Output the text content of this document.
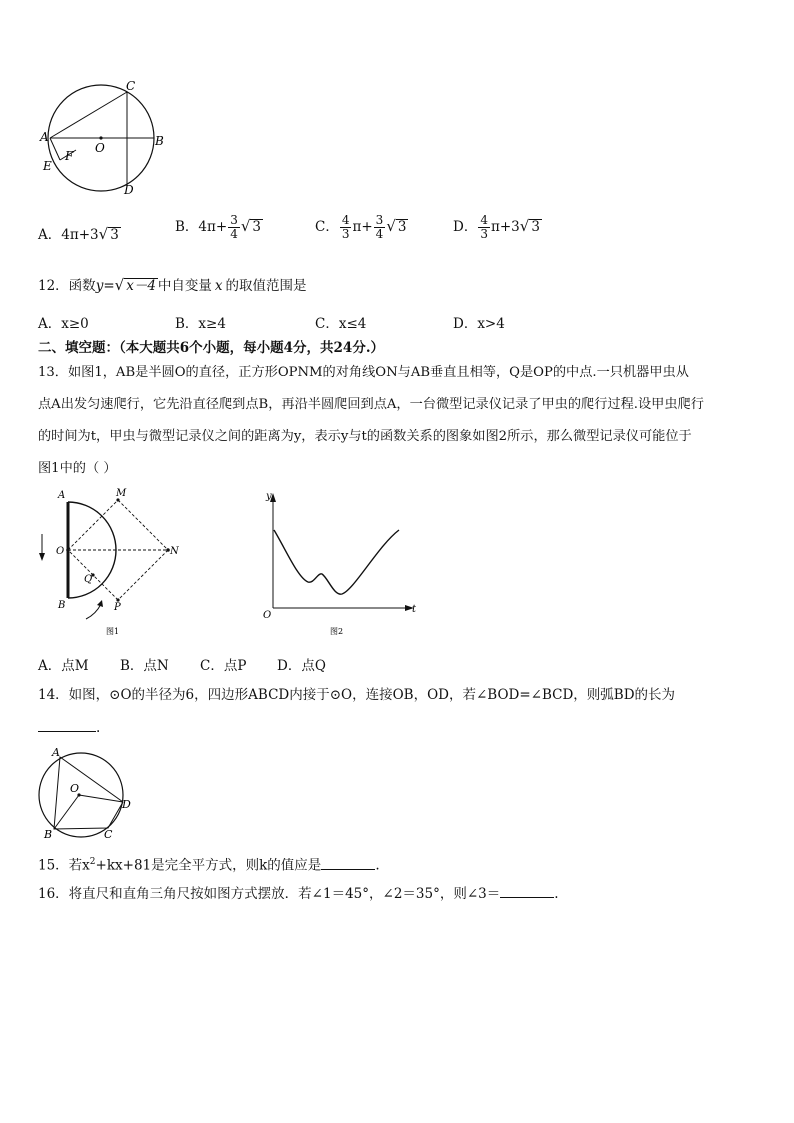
C
A
O	B
F
E
D
A．4π+3√ 3	B．$4\pi+ \frac{3}{4}$ √ 3	C． $\frac{4}{3} \pi+ \frac{3}{4}$ √ 3	D． $\frac{4}{3} \pi+3√$ 3
12．函数y=√ x－4 中自变量 x 的取值范围是
A．x≥0	B．x≥4	C．x≤4	D．x>4
二、填空题：（本大题共6个小题，每小题4分，共24分.）
13．如图1，AB是半圆O的直径，正方形OPNM的对角线ON与AB垂直且相等，Q是OP的中点.一只机器甲虫从
点A出发匀速爬行，它先沿直径爬到点B，再沿半圆爬回到点A，一台微型记录仪记录了甲虫的爬行过程.设甲虫爬行
的时间为t，甲虫与微型记录仪之间的距离为y，表示y与t的函数关系的图象如图2所示，那么微型记录仪可能位于
图1中的（ ）
A	M
O	N
Q
B	P
图1
y
O
t
图2
A．点M B．点N C．点P D．点Q
14．如图，⊙O的半径为6，四边形ABCD内接于⊙O，连接OB，OD，若∠BOD=∠BCD，则弧BD的长为
.
A
O
D
B	C
15．若$x^2+kx+81$是完全平方式，则k的值应是	.
16．将直尺和直角三角尺按如图方式摆放．若∠1＝45°，∠2＝35°，则∠3＝	.
